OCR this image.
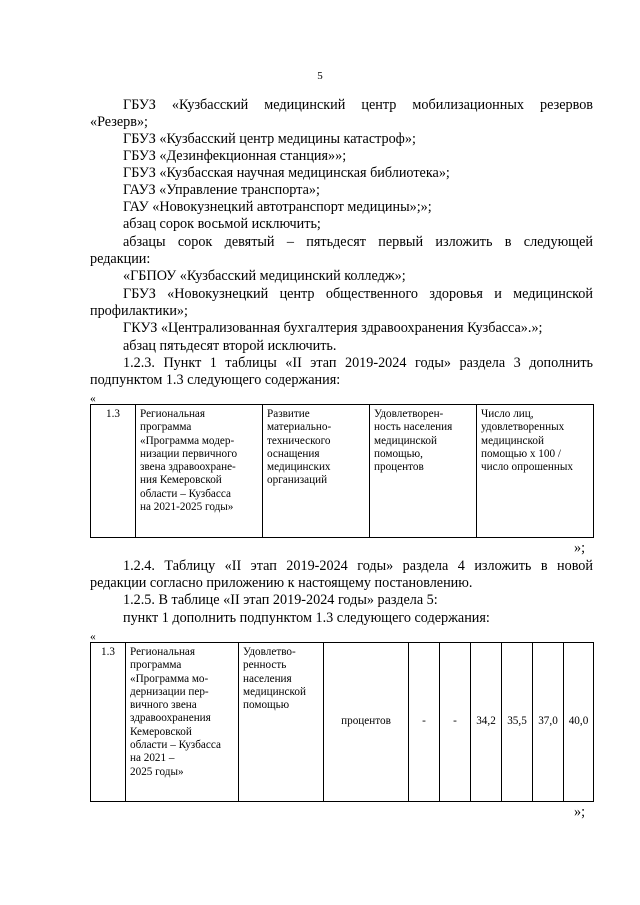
5
ГБУЗ «Кузбасский медицинский центр мобилизационных резервов
«Резерв»;
ГБУЗ «Кузбасский центр медицины катастроф»;
ГБУЗ «Дезинфекционная станция»»;
ГБУЗ «Кузбасская научная медицинская библиотека»;
ГАУЗ «Управление транспорта»;
ГАУ «Новокузнецкий автотранспорт медицины»;»;
абзац сорок восьмой исключить;
абзацы сорок девятый – пятьдесят первый изложить в следующей
редакции:
«ГБПОУ «Кузбасский медицинский колледж»;
ГБУЗ «Новокузнецкий центр общественного здоровья и медицинской
профилактики»;
ГКУЗ «Централизованная бухгалтерия здравоохранения Кузбасса».»;
абзац пятьдесят второй исключить.
1.2.3. Пункт 1 таблицы «II этап 2019-2024 годы» раздела 3 дополнить
подпунктом 1.3 следующего содержания:
«
1.3	Региональная
программа
«Программа модер-
низации первичного
звена здравоохране-
ния Кемеровской
области – Кузбасса
на 2021-2025 годы»

Развитие
материально-
технического
оснащения
медицинских
организаций

Удовлетворен-
ность населения
медицинской
помощью,
процентов

Число лиц,
удовлетворенных
медицинской
помощью х 100 /
число опрошенных
»;
1.2.4. Таблицу «II этап 2019-2024 годы» раздела 4 изложить в новой
редакции согласно приложению к настоящему постановлению.
1.2.5. В таблице «II этап 2019-2024 годы» раздела 5:
пункт 1 дополнить подпунктом 1.3 следующего содержания:
«
1.3	Региональная
программа
«Программа мо-
дернизации пер-
вичного звена
здравоохранения
Кемеровской
области – Кузбасса
на 2021 –
2025 годы»

Удовлетво-
ренность
населения
медицинской
помощью
	процентов	-	-	34,2	35,5	37,0	40,0
»;
